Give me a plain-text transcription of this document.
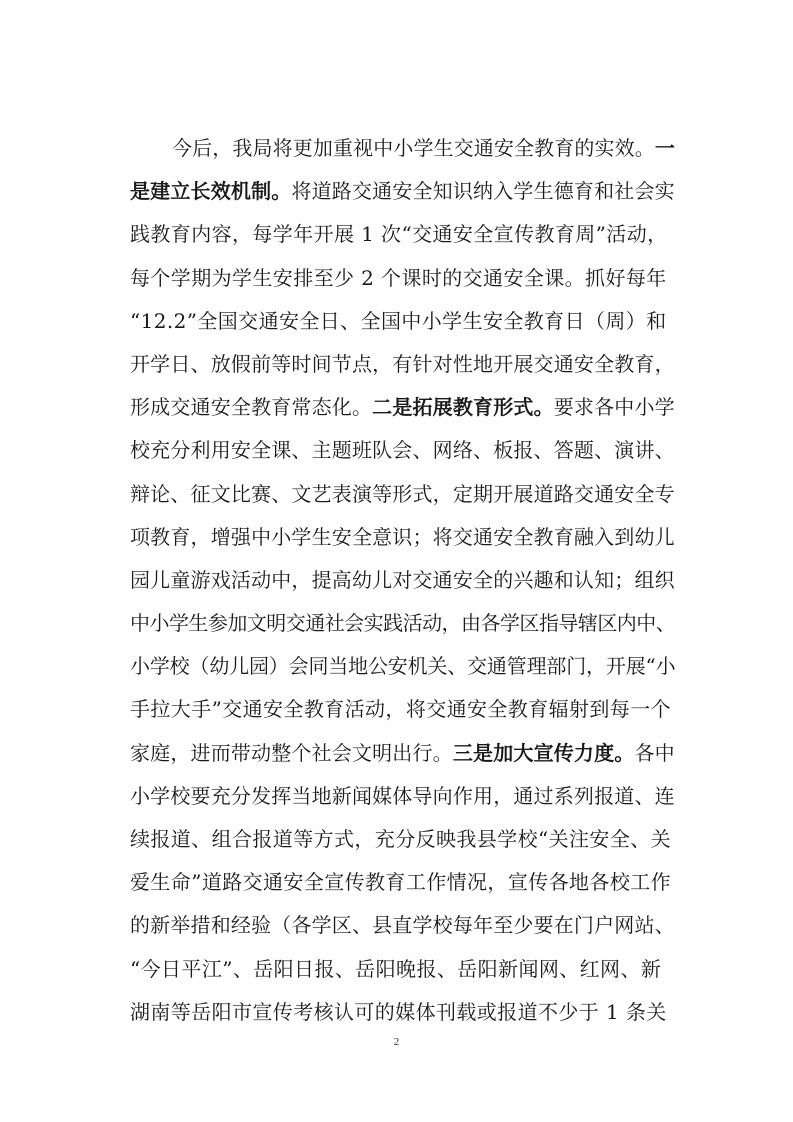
今后，我局将更加重视中小学生交通安全教育的实效。一
是建立长效机制。将道路交通安全知识纳入学生德育和社会实
践教育内容，每学年开展 1 次“交通安全宣传教育周”活动，
每个学期为学生安排至少 2 个课时的交通安全课。抓好每年
“12.2”全国交通安全日、全国中小学生安全教育日（周）和
开学日、放假前等时间节点，有针对性地开展交通安全教育，
形成交通安全教育常态化。二是拓展教育形式。要求各中小学
校充分利用安全课、主题班队会、网络、板报、答题、演讲、
辩论、征文比赛、文艺表演等形式，定期开展道路交通安全专
项教育，增强中小学生安全意识；将交通安全教育融入到幼儿
园儿童游戏活动中，提高幼儿对交通安全的兴趣和认知；组织
中小学生参加文明交通社会实践活动，由各学区指导辖区内中、
小学校（幼儿园）会同当地公安机关、交通管理部门，开展“小
手拉大手”交通安全教育活动，将交通安全教育辐射到每一个
家庭，进而带动整个社会文明出行。三是加大宣传力度。各中
小学校要充分发挥当地新闻媒体导向作用，通过系列报道、连
续报道、组合报道等方式，充分反映我县学校“关注安全、关
爱生命”道路交通安全宣传教育工作情况，宣传各地各校工作
的新举措和经验（各学区、县直学校每年至少要在门户网站、
“今日平江”、岳阳日报、岳阳晚报、岳阳新闻网、红网、新
湖南等岳阳市宣传考核认可的媒体刊载或报道不少于 1 条关
2
